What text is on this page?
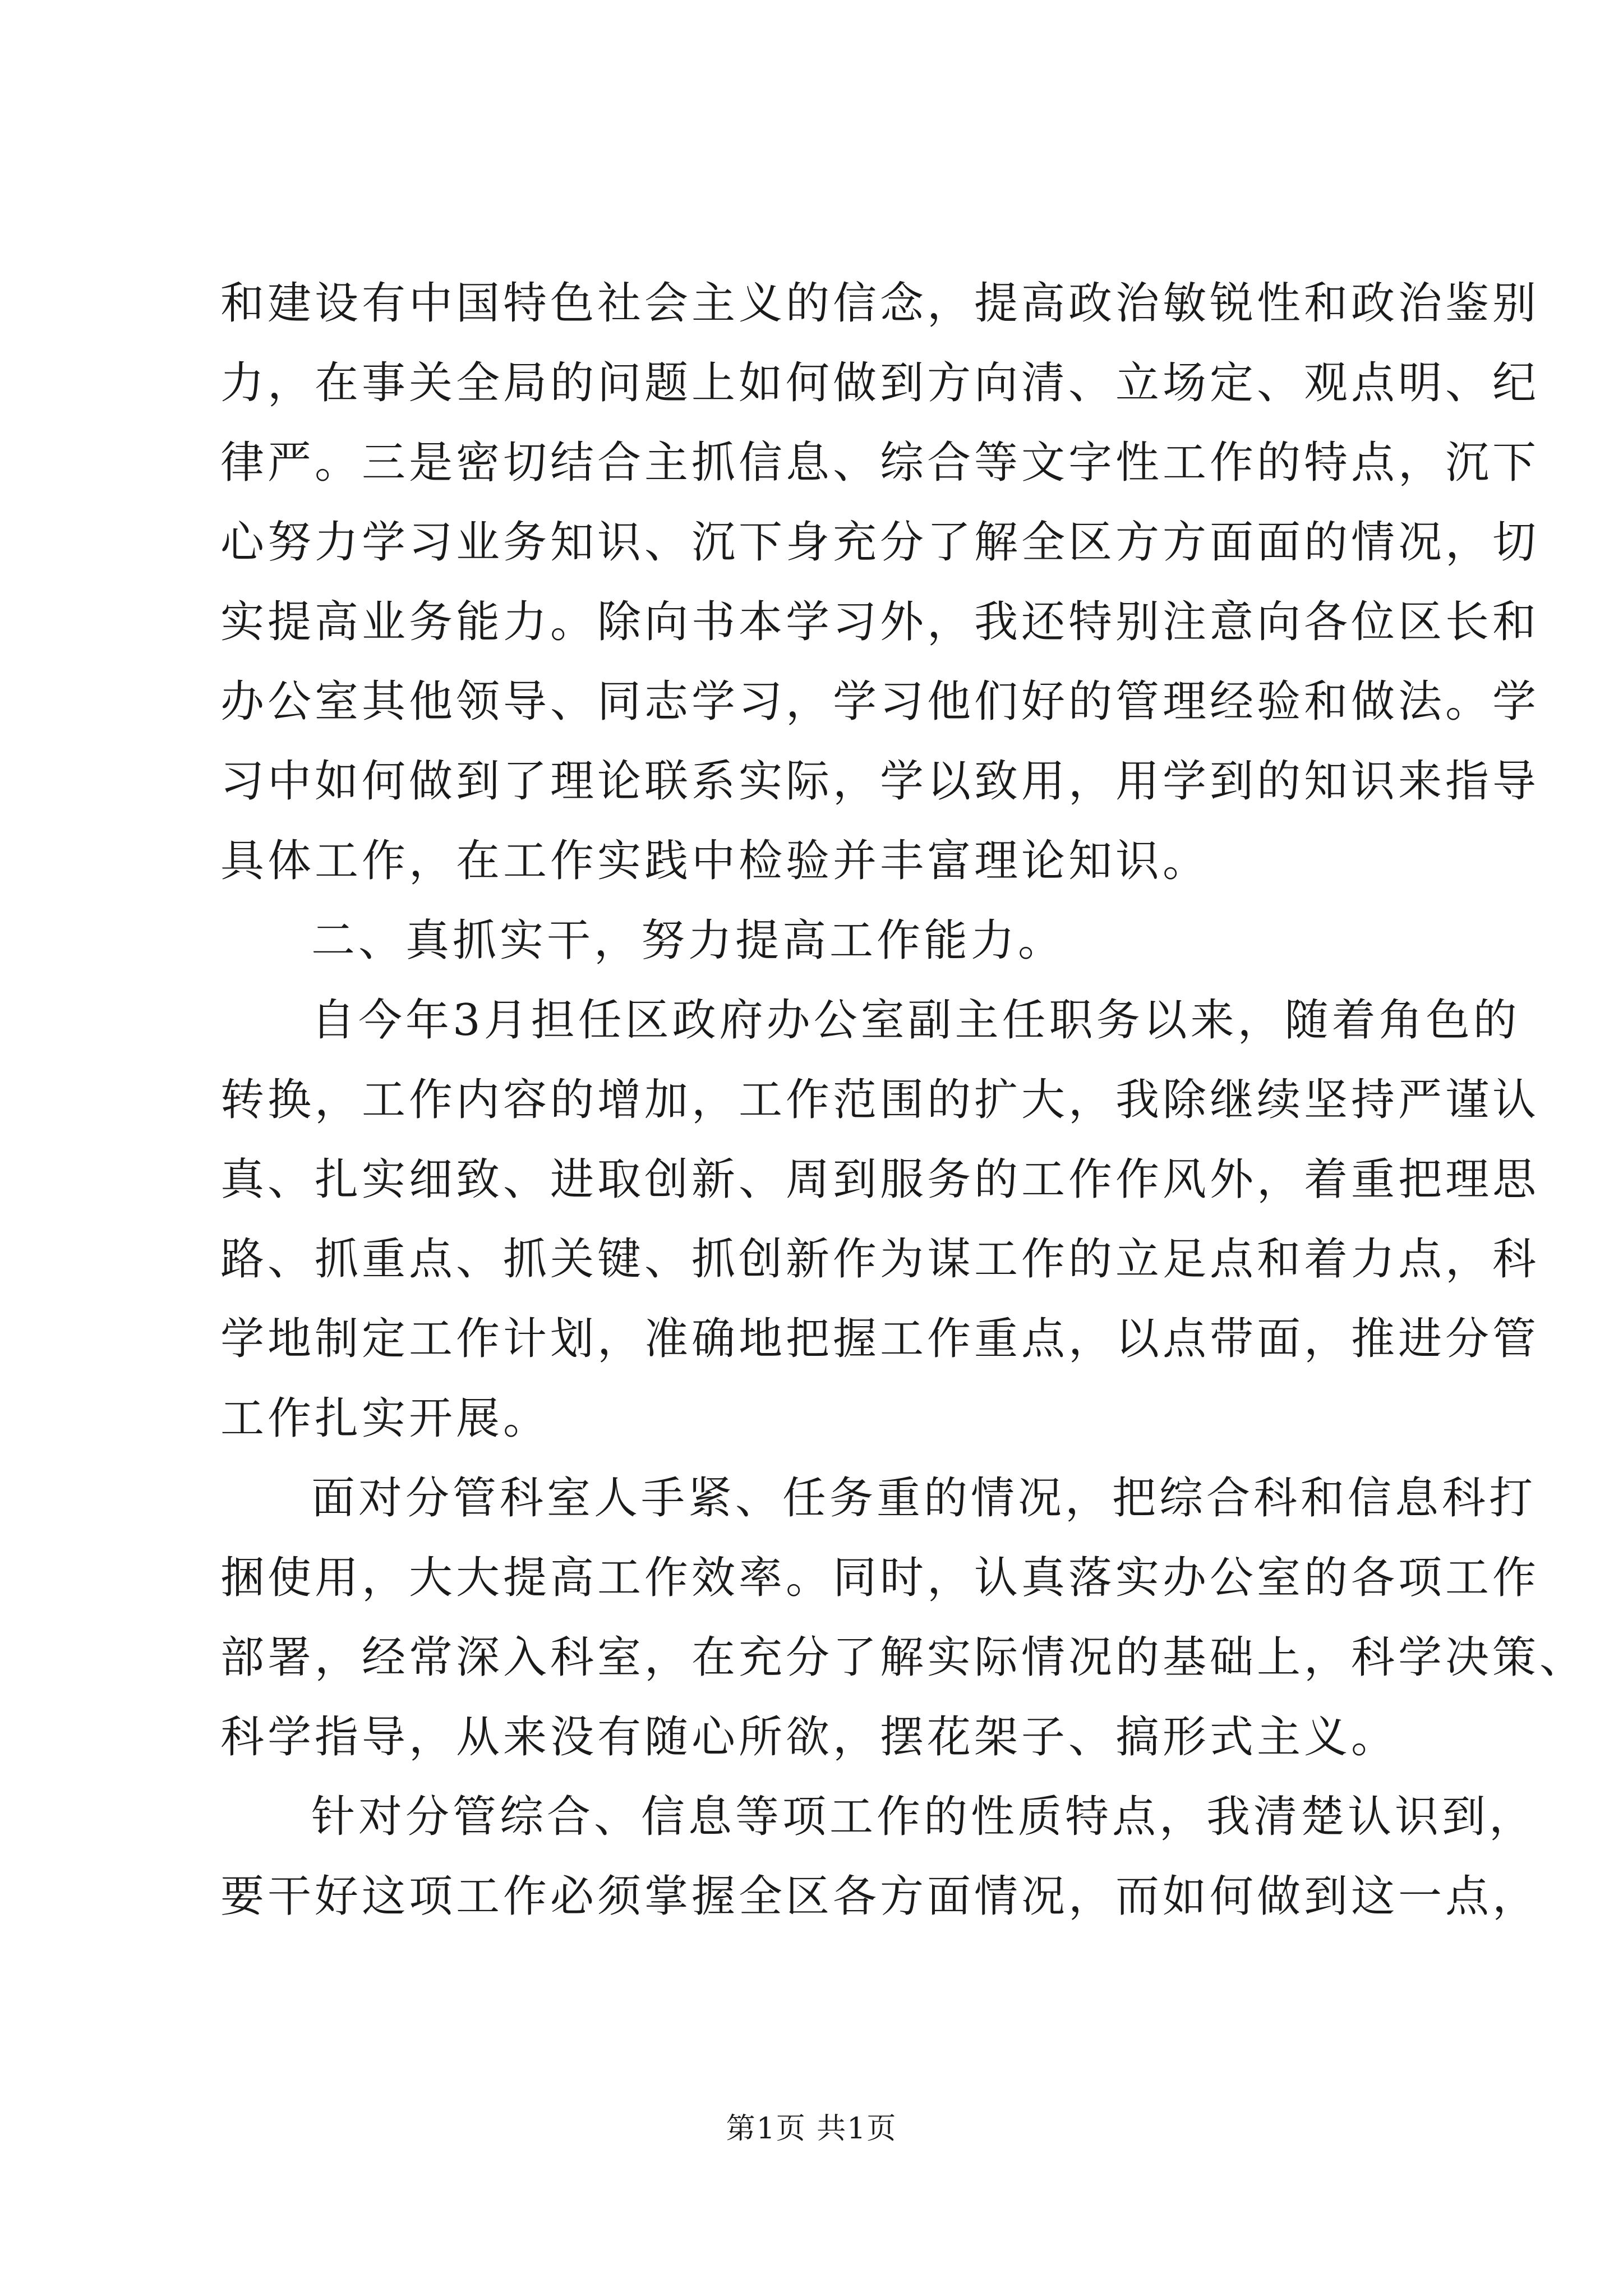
和建设有中国特色社会主义的信念，提高政治敏锐性和政治鉴别
力，在事关全局的问题上如何做到方向清、立场定、观点明、纪
律严。三是密切结合主抓信息、综合等文字性工作的特点，沉下
心努力学习业务知识、沉下身充分了解全区方方面面的情况，切
实提高业务能力。除向书本学习外，我还特别注意向各位区长和
办公室其他领导、同志学习，学习他们好的管理经验和做法。学
习中如何做到了理论联系实际，学以致用，用学到的知识来指导
具体工作，在工作实践中检验并丰富理论知识。
二、真抓实干，努力提高工作能力。
自今年3月担任区政府办公室副主任职务以来，随着角色的
转换，工作内容的增加，工作范围的扩大，我除继续坚持严谨认
真、扎实细致、进取创新、周到服务的工作作风外，着重把理思
路、抓重点、抓关键、抓创新作为谋工作的立足点和着力点，科
学地制定工作计划，准确地把握工作重点，以点带面，推进分管
工作扎实开展。
面对分管科室人手紧、任务重的情况，把综合科和信息科打
捆使用，大大提高工作效率。同时，认真落实办公室的各项工作
部署，经常深入科室，在充分了解实际情况的基础上，科学决策、
科学指导，从来没有随心所欲，摆花架子、搞形式主义。
针对分管综合、信息等项工作的性质特点，我清楚认识到，
要干好这项工作必须掌握全区各方面情况，而如何做到这一点，
第1页 共1页
